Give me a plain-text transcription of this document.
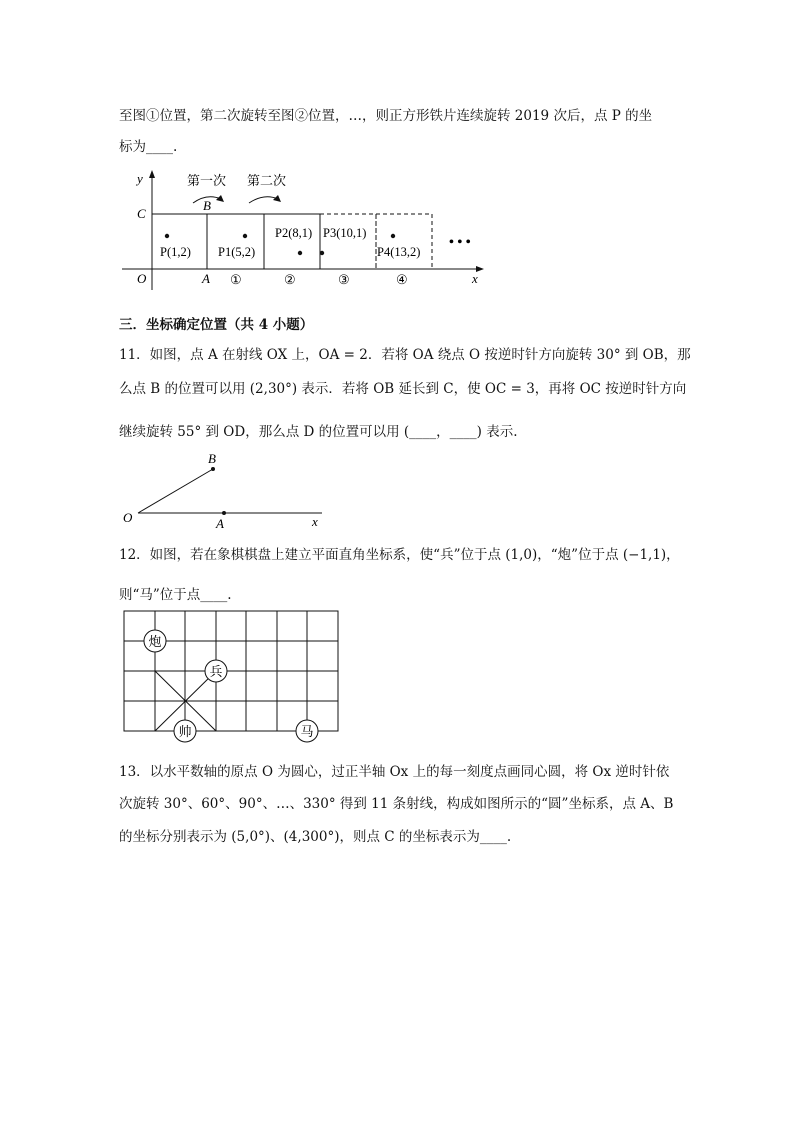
至图①位置，第二次旋转至图②位置，…，则正方形铁片连续旋转 2019 次后，点 P 的坐
标为____.
y
C
O	A
B
x
第一次 第二次
P(1,2) P1(5,2)
P2(8,1) P3(10,1)
P4(13,2)
• • •
①	②	③	④
三．坐标确定位置（共 4 小题）
11．如图，点 A 在射线 OX 上，OA = 2．若将 OA 绕点 O 按逆时针方向旋转 30° 到 OB，那
么点 B 的位置可以用 (2,30°) 表示．若将 OB 延长到 C，使 OC = 3，再将 OC 按逆时针方向
继续旋转 55° 到 OD，那么点 D 的位置可以用 (____，____) 表示.
O
B
A	x
12．如图，若在象棋棋盘上建立平面直角坐标系，使“兵”位于点 (1,0)，“炮”位于点 (−1,1)，
则“马”位于点____.
炮
兵
帅	马
13．以水平数轴的原点 O 为圆心，过正半轴 Ox 上的每一刻度点画同心圆，将 Ox 逆时针依
次旋转 30°、60°、90°、…、330° 得到 11 条射线，构成如图所示的“圆”坐标系，点 A、B
的坐标分别表示为 (5,0°)、(4,300°)，则点 C 的坐标表示为____.
